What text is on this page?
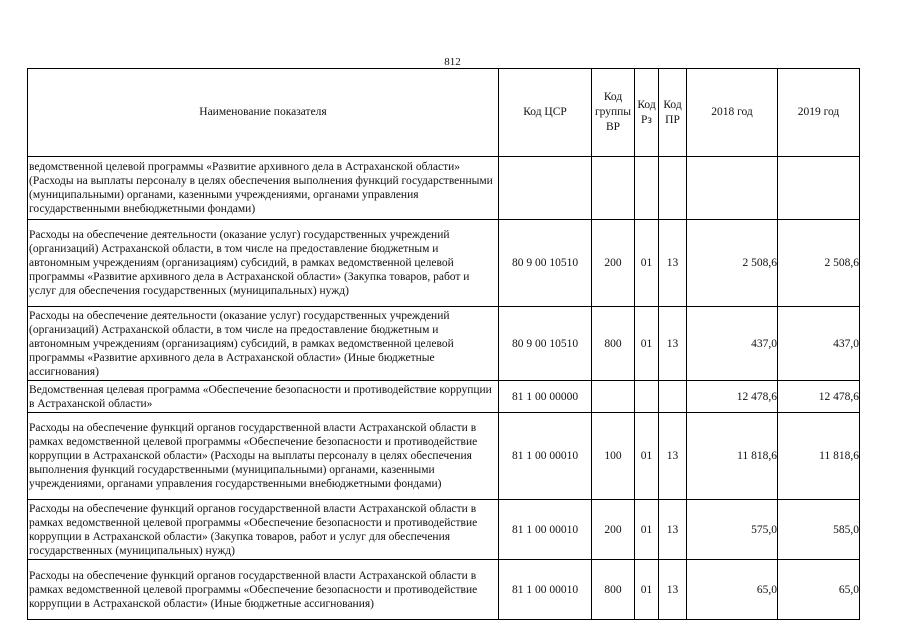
812
Наименование показателя	Код ЦСР	Код группы ВР	Код Рз	Код ПР	2018 год	2019 год
ведомственной целевой программы «Развитие архивного дела в Астраханской области» (Расходы на выплаты персоналу в целях обеспечения выполнения функций государственными (муниципальными) органами, казенными учреждениями, органами управления государственными внебюджетными фондами)						
Расходы на обеспечение деятельности (оказание услуг) государственных учреждений (организаций) Астраханской области, в том числе на предоставление бюджетным и автономным учреждениям (организациям) субсидий, в рамках ведомственной целевой программы «Развитие архивного дела в Астраханской области» (Закупка товаров, работ и услуг для обеспечения государственных (муниципальных) нужд)	80 9 00 10510	200	01	13	2 508,6	2 508,6
Расходы на обеспечение деятельности (оказание услуг) государственных учреждений (организаций) Астраханской области, в том числе на предоставление бюджетным и автономным учреждениям (организациям) субсидий, в рамках ведомственной целевой программы «Развитие архивного дела в Астраханской области» (Иные бюджетные ассигнования)	80 9 00 10510	800	01	13	437,0	437,0
Ведомственная целевая программа «Обеспечение безопасности и противодействие коррупции в Астраханской области»	81 1 00 00000				12 478,6	12 478,6
Расходы на обеспечение функций органов государственной власти Астраханской области в рамках ведомственной целевой программы «Обеспечение безопасности и противодействие коррупции в Астраханской области» (Расходы на выплаты персоналу в целях обеспечения выполнения функций государственными (муниципальными) органами, казенными учреждениями, органами управления государственными внебюджетными фондами)	81 1 00 00010	100	01	13	11 818,6	11 818,6
Расходы на обеспечение функций органов государственной власти Астраханской области в рамках ведомственной целевой программы «Обеспечение безопасности и противодействие коррупции в Астраханской области» (Закупка товаров, работ и услуг для обеспечения государственных (муниципальных) нужд)	81 1 00 00010	200	01	13	575,0	585,0
Расходы на обеспечение функций органов государственной власти Астраханской области в рамках ведомственной целевой программы «Обеспечение безопасности и противодействие коррупции в Астраханской области» (Иные бюджетные ассигнования)	81 1 00 00010	800	01	13	65,0	65,0
